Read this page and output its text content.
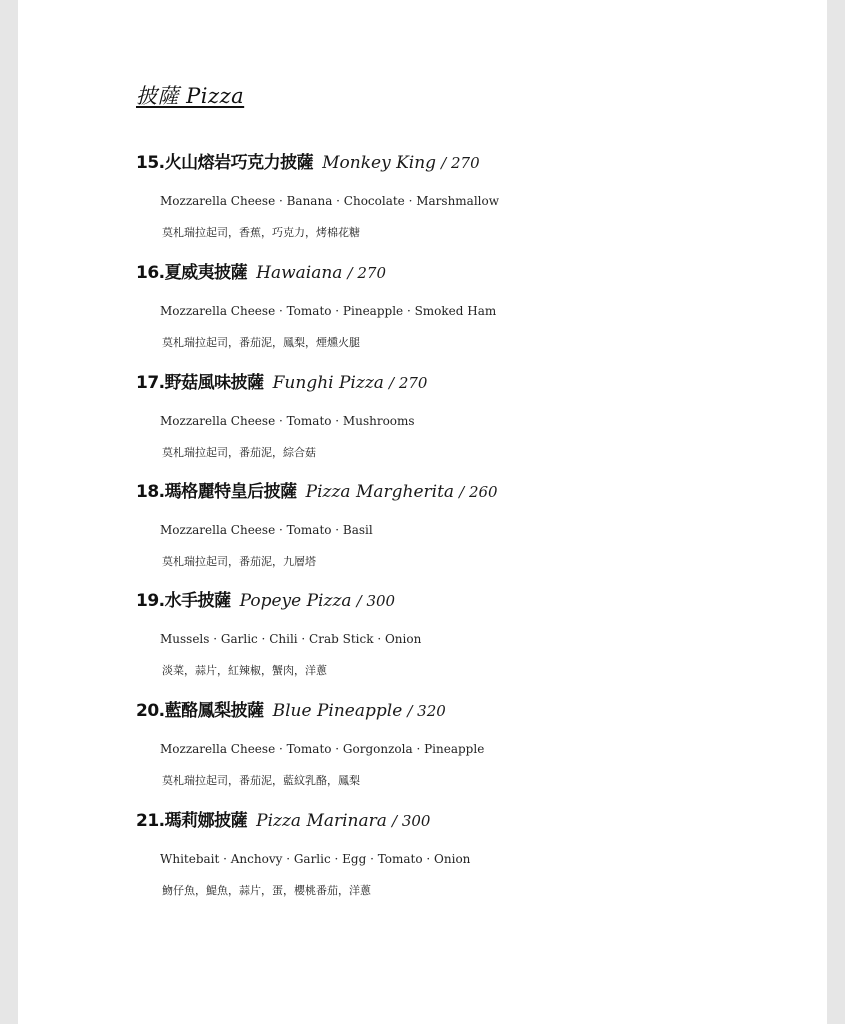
披薩 Pizza
15.火山熔岩巧克力披薩 Monkey King / 270
Mozzarella Cheese · Banana · Chocolate · Marshmallow
莫札瑞拉起司，香蕉，巧克力，烤棉花糖
16.夏威夷披薩 Hawaiana / 270
Mozzarella Cheese · Tomato · Pineapple · Smoked Ham
莫札瑞拉起司，番茄泥，鳳梨，煙燻火腿
17.野菇風味披薩 Funghi Pizza / 270
Mozzarella Cheese · Tomato · Mushrooms
莫札瑞拉起司，番茄泥，綜合菇
18.瑪格麗特皇后披薩 Pizza Margherita / 260
Mozzarella Cheese · Tomato · Basil
莫札瑞拉起司，番茄泥，九層塔
19.水手披薩 Popeye Pizza / 300
Mussels · Garlic · Chili · Crab Stick · Onion
淡菜，蒜片，紅辣椒，蟹肉，洋蔥
20.藍酪鳳梨披薩 Blue Pineapple / 320
Mozzarella Cheese · Tomato · Gorgonzola · Pineapple
莫札瑞拉起司，番茄泥，藍紋乳酪，鳳梨
21.瑪莉娜披薩 Pizza Marinara / 300
Whitebait · Anchovy · Garlic · Egg · Tomato · Onion
魩仔魚，鯷魚，蒜片，蛋，櫻桃番茄，洋蔥
